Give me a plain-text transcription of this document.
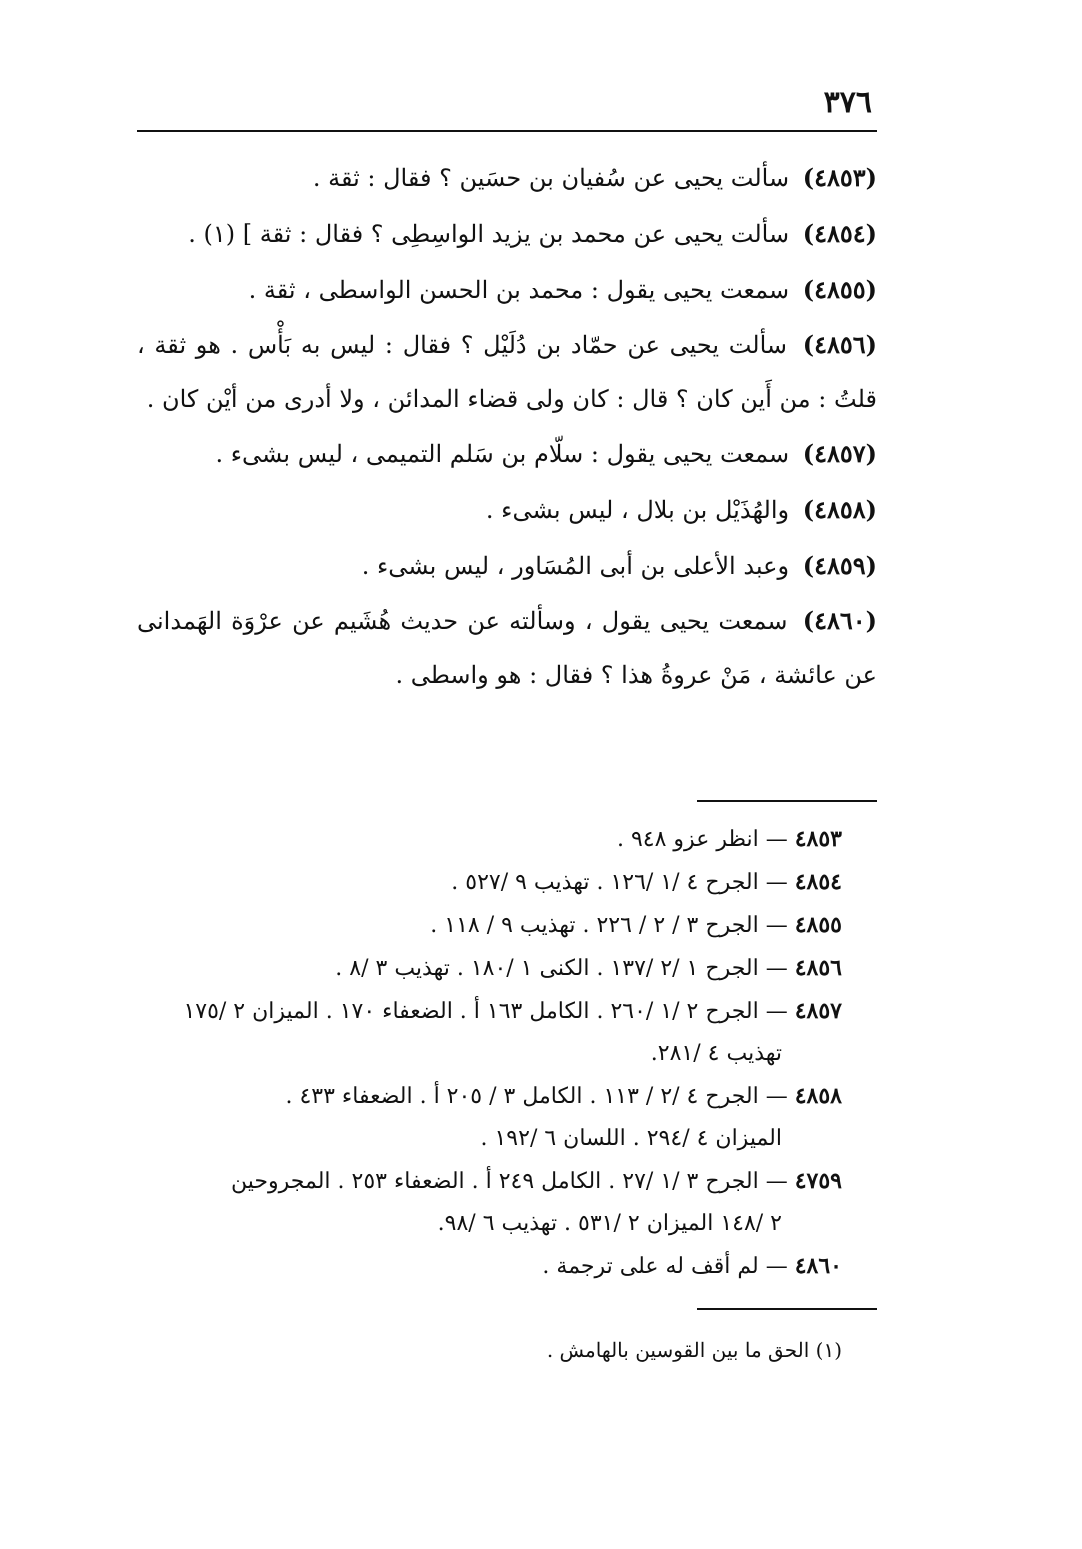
٣٧٦
(٤٨٥٣) سألت يحيى عن سُفيان بن حسَين ؟ فقال : ثقة .
(٤٨٥٤) سألت يحيى عن محمد بن يزيد الواسِطِى ؟ فقال : ثقة ] (١) .
(٤٨٥٥) سمعت يحيى يقول : محمد بن الحسن الواسطى ، ثقة .
(٤٨٥٦) سألت يحيى عن حمّاد بن دُلَيْل ؟ فقال : ليس به بَأْس . هو ثقة ، قلتُ : من أَين كان ؟ قال : كان ولى قضاء المدائن ، ولا أدرى من أيْن كان .
(٤٨٥٧) سمعت يحيى يقول : سلّام بن سَلم التميمى ، ليس بشىء .
(٤٨٥٨) والهُذَيْل بن بلال ، ليس بشىء .
(٤٨٥٩) وعبد الأعلى بن أبى المُسَاور ، ليس بشىء .
(٤٨٦٠) سمعت يحيى يقول ، وسألته عن حديث هُشَيم عن عرْوَة الهَمدانى عن عائشة ، مَنْ عروةُ هذا ؟ فقال : هو واسطى .
٤٨٥٣ — انظر عزو ٩٤٨ .
٤٨٥٤ — الجرح ٤ /١ /١٢٦ . تهذيب ٩ /٥٢٧ .
٤٨٥٥ — الجرح ٣ / ٢ / ٢٢٦ . تهذيب ٩ / ١١٨ .
٤٨٥٦ — الجرح ١ /٢ /١٣٧ . الكنى ١ /١٨٠ . تهذيب ٣ /٨ .
٤٨٥٧ — الجرح ٢ /١ /٢٦٠ . الكامل ١٦٣ أ . الضعفاء ١٧٠ . الميزان ٢ /١٧٥
تهذيب ٤ /٢٨١.
٤٨٥٨ — الجرح ٤ /٢ / ١١٣ . الكامل ٣ / ٢٠٥ أ . الضعفاء ٤٣٣ .
الميزان ٤ /٢٩٤ . اللسان ٦ /١٩٢ .
٤٧٥٩ — الجرح ٣ /١ /٢٧ . الكامل ٢٤٩ أ . الضعفاء ٢٥٣ . المجروحين
٢ /١٤٨ الميزان ٢ /٥٣١ . تهذيب ٦ /٩٨.
٤٨٦٠ — لم أقف له على ترجمة .
(١) الحق ما بين القوسين بالهامش .
